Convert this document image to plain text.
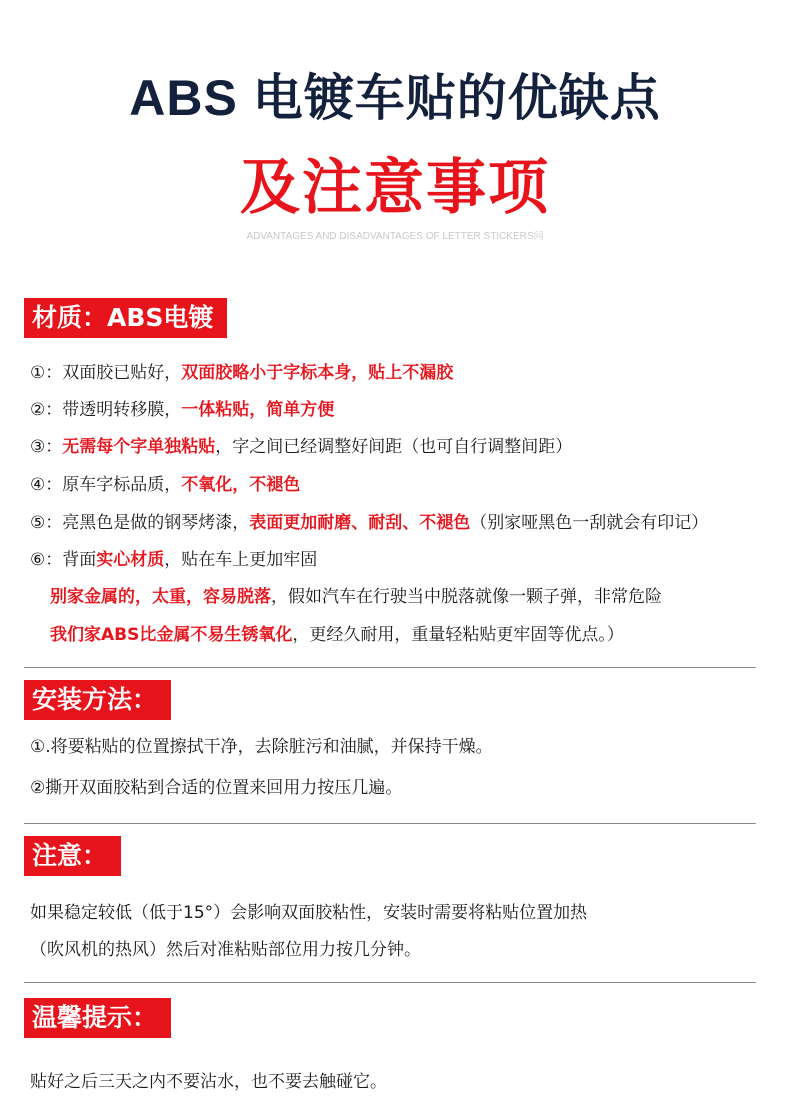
ABS 电镀车贴的优缺点
及注意事项
ADVANTAGES AND DISADVANTAGES OF LETTER STICKERS问
材质：ABS电镀
①：双面胶已贴好，双面胶略小于字标本身，贴上不漏胶
②：带透明转移膜，一体粘贴，简单方便
③：无需每个字单独粘贴，字之间已经调整好间距（也可自行调整间距）
④：原车字标品质，不氧化，不褪色
⑤：亮黑色是做的钢琴烤漆，表面更加耐磨、耐刮、不褪色（别家哑黑色一刮就会有印记）
⑥：背面实心材质，贴在车上更加牢固
别家金属的，太重，容易脱落，假如汽车在行驶当中脱落就像一颗子弹，非常危险
我们家ABS比金属不易生锈氧化，更经久耐用，重量轻粘贴更牢固等优点。）
安装方法：
①.将要粘贴的位置擦拭干净，去除脏污和油腻，并保持干燥。
②撕开双面胶粘到合适的位置来回用力按压几遍。
注意：
如果稳定较低（低于15°）会影响双面胶粘性，安装时需要将粘贴位置加热
（吹风机的热风）然后对准粘贴部位用力按几分钟。
温馨提示：
贴好之后三天之内不要沾水，也不要去触碰它。
